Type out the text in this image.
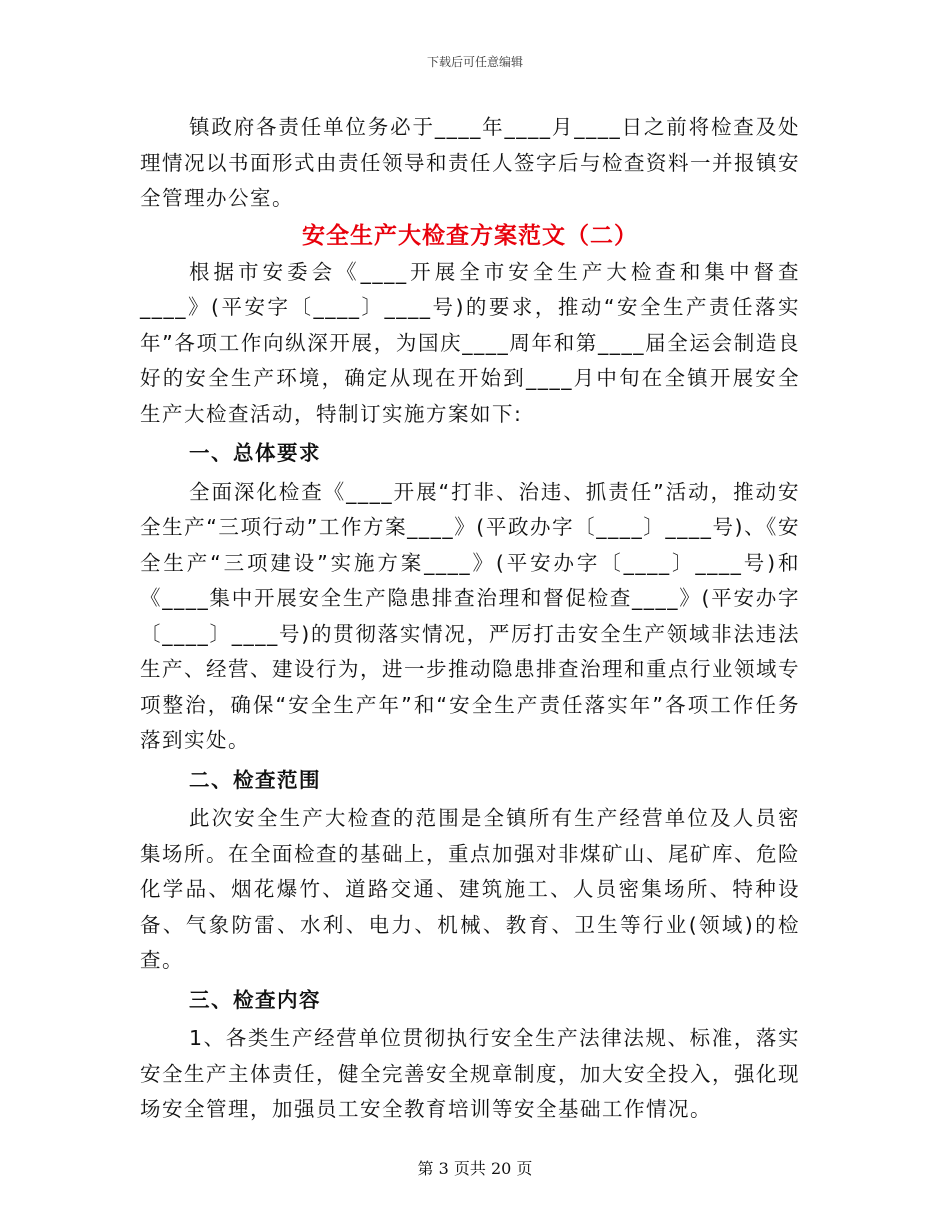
下载后可任意编辑

镇政府各责任单位务必于____年____月____日之前将检查及处理情况以书面形式由责任领导和责任人签字后与检查资料一并报镇安全管理办公室。

安全生产大检查方案范文（二）

根据市安委会《____开展全市安全生产大检查和集中督查____》(平安字〔____〕____号)的要求，推动“安全生产责任落实年”各项工作向纵深开展，为国庆____周年和第____届全运会制造良好的安全生产环境，确定从现在开始到____月中旬在全镇开展安全生产大检查活动，特制订实施方案如下:

一、总体要求

全面深化检查《____开展“打非、治违、抓责任”活动，推动安全生产“三项行动”工作方案____》(平政办字〔____〕____号)、《安全生产“三项建设”实施方案____》(平安办字〔____〕____号)和《____集中开展安全生产隐患排查治理和督促检查____》(平安办字〔____〕____号)的贯彻落实情况，严厉打击安全生产领域非法违法生产、经营、建设行为，进一步推动隐患排查治理和重点行业领域专项整治，确保“安全生产年”和“安全生产责任落实年”各项工作任务落到实处。

二、检查范围

此次安全生产大检查的范围是全镇所有生产经营单位及人员密集场所。在全面检查的基础上，重点加强对非煤矿山、尾矿库、危险化学品、烟花爆竹、道路交通、建筑施工、人员密集场所、特种设备、气象防雷、水利、电力、机械、教育、卫生等行业(领域)的检查。

三、检查内容

1、各类生产经营单位贯彻执行安全生产法律法规、标准，落实安全生产主体责任，健全完善安全规章制度，加大安全投入，强化现场安全管理，加强员工安全教育培训等安全基础工作情况。

第 3 页共 20 页
